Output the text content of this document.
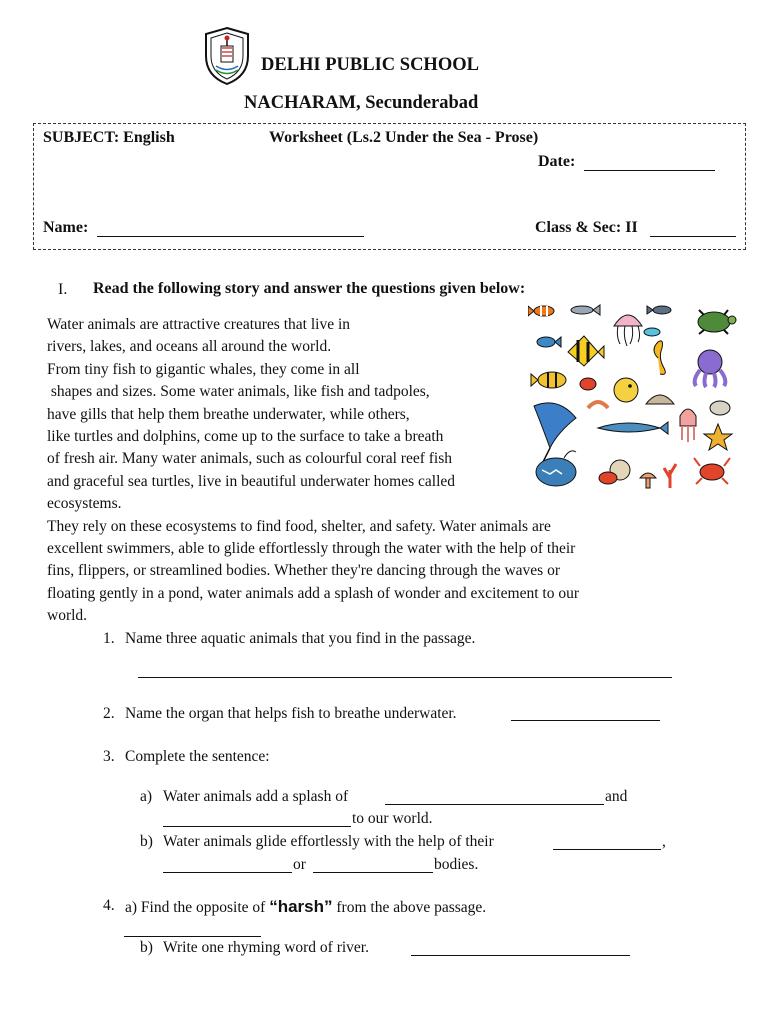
DELHI PUBLIC SCHOOL
NACHARAM, Secunderabad
SUBJECT: English	Worksheet (Ls.2 Under the Sea - Prose)
Date:
Name:	Class & Sec: II
I. Read the following story and answer the questions given below:
Water animals are attractive creatures that live in
rivers, lakes, and oceans all around the world.
From tiny fish to gigantic whales, they come in all
shapes and sizes. Some water animals, like fish and tadpoles,
have gills that help them breathe underwater, while others,
like turtles and dolphins, come up to the surface to take a breath
of fresh air. Many water animals, such as colourful coral reef fish
and graceful sea turtles, live in beautiful underwater homes called
ecosystems.
They rely on these ecosystems to find food, shelter, and safety. Water animals are
excellent swimmers, able to glide effortlessly through the water with the help of their
fins, flippers, or streamlined bodies. Whether they're dancing through the waves or
floating gently in a pond, water animals add a splash of wonder and excitement to our
world.
1. Name three aquatic animals that you find in the passage.
2. Name the organ that helps fish to breathe underwater.
3. Complete the sentence:
a) Water animals add a splash of	and
to our world.
b) Water animals glide effortlessly with the help of their	,
or	bodies.
4. a) Find the opposite of “harsh” from the above passage.
b) Write one rhyming word of river.
